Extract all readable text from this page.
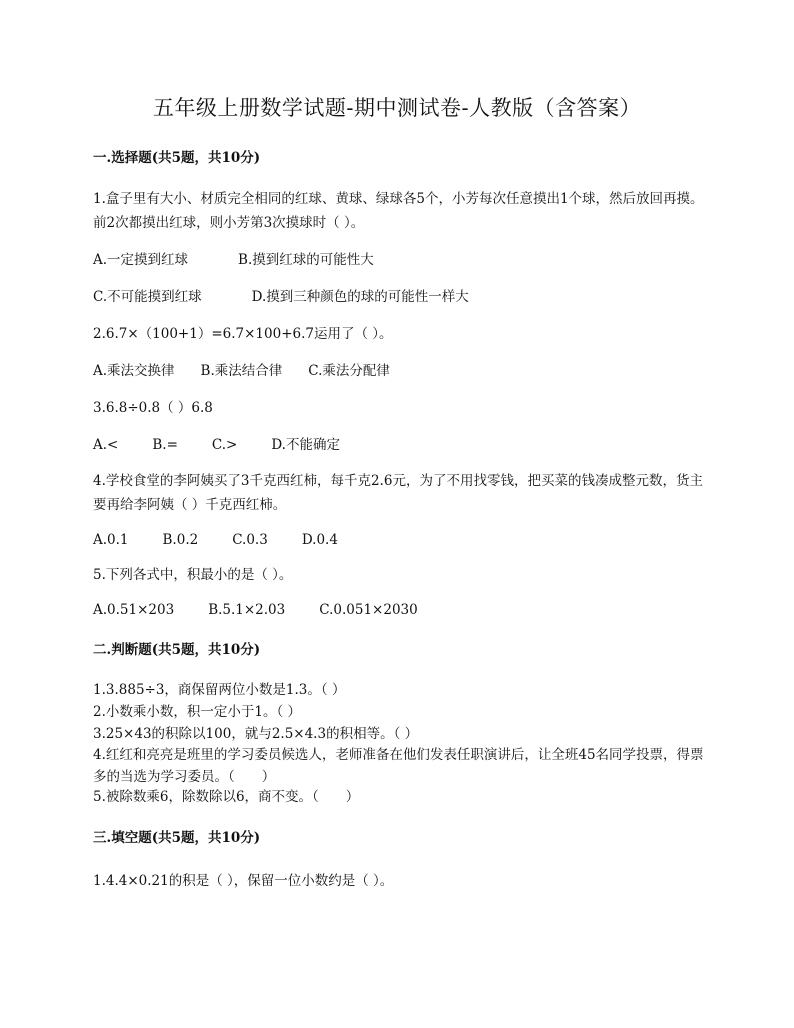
五年级上册数学试题-期中测试卷-人教版（含答案）
一.选择题(共5题，共10分)
1.盒子里有大小、材质完全相同的红球、黄球、绿球各5个，小芳每次任意摸出1个球，然后放回再摸。前2次都摸出红球，则小芳第3次摸球时（ ）。
A.一定摸到红球	B.摸到红球的可能性大
C.不可能摸到红球	D.摸到三种颜色的球的可能性一样大
2.6.7×（100+1）=6.7×100+6.7运用了（ ）。
A.乘法交换律 B.乘法结合律 C.乘法分配律
3.6.8÷0.8（ ）6.8
A.<	B.=	C.>	D.不能确定
4.学校食堂的李阿姨买了3千克西红柿，每千克2.6元，为了不用找零钱，把买菜的钱凑成整元数，货主要再给李阿姨（ ）千克西红柿。
A.0.1	B.0.2	C.0.3	D.0.4
5.下列各式中，积最小的是（ ）。
A.0.51×203	B.5.1×2.03	C.0.051×2030
二.判断题(共5题，共10分)
1.3.885÷3，商保留两位小数是1.3。（ ）
2.小数乘小数，积一定小于1。（ ）
3.25×43的积除以100，就与2.5×4.3的积相等。（ ）
4.红红和亮亮是班里的学习委员候选人，老师准备在他们发表任职演讲后，让全班45名同学投票，得票多的当选为学习委员。（　　）
5.被除数乘6，除数除以6，商不变。（　　）
三.填空题(共5题，共10分)
1.4.4×0.21的积是（ ），保留一位小数约是（ ）。
